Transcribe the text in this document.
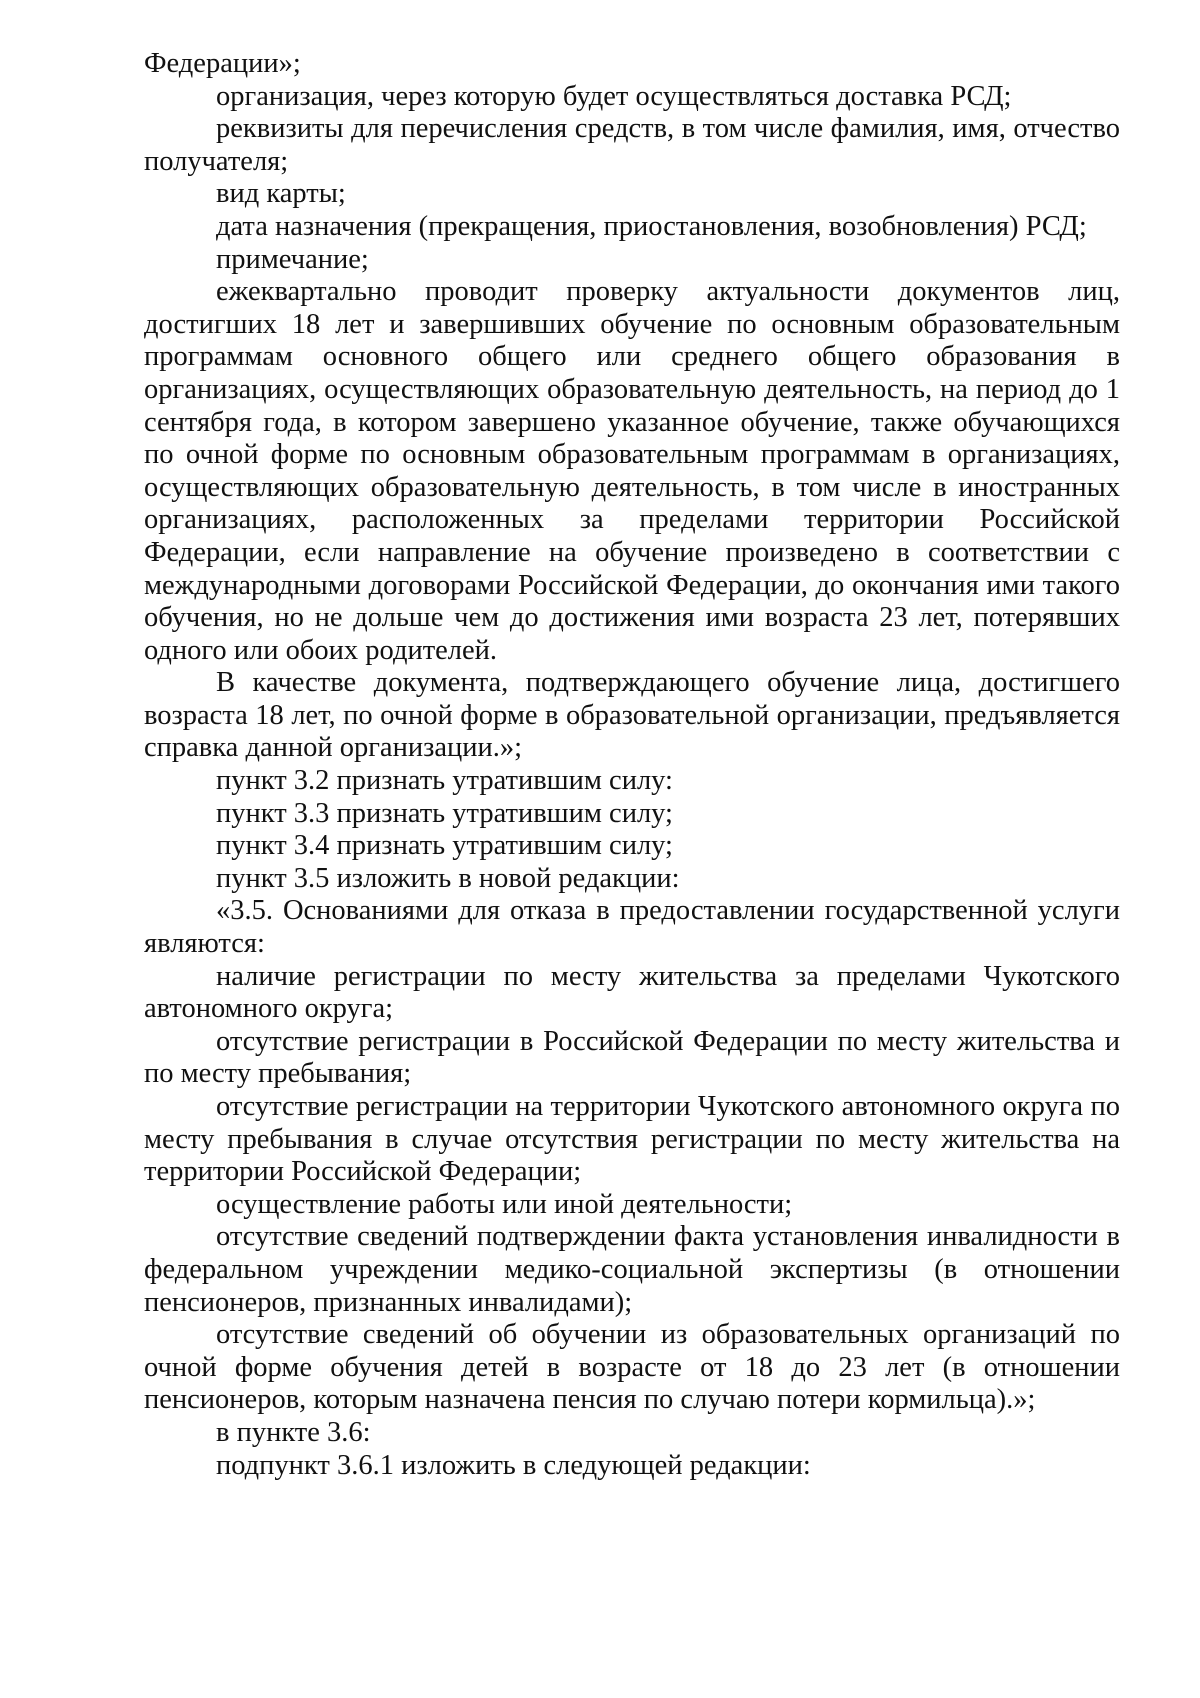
Федерации»;

организация, через которую будет осуществляться доставка РСД;

реквизиты для перечисления средств, в том числе фамилия, имя, отчество получателя;

вид карты;

дата назначения (прекращения, приостановления, возобновления) РСД;

примечание;

ежеквартально проводит проверку актуальности документов лиц, достигших 18 лет и завершивших обучение по основным образовательным программам основного общего или среднего общего образования в организациях, осуществляющих образовательную деятельность, на период до 1 сентября года, в котором завершено указанное обучение, также обучающихся по очной форме по основным образовательным программам в организациях, осуществляющих образовательную деятельность, в том числе в иностранных организациях, расположенных за пределами территории Российской Федерации, если направление на обучение произведено в соответствии с международными договорами Российской Федерации, до окончания ими такого обучения, но не дольше чем до достижения ими возраста 23 лет, потерявших одного или обоих родителей.

В качестве документа, подтверждающего обучение лица, достигшего возраста 18 лет, по очной форме в образовательной организации, предъявляется справка данной организации.»;

пункт 3.2 признать утратившим силу:

пункт 3.3 признать утратившим силу;

пункт 3.4 признать утратившим силу;

пункт 3.5 изложить в новой редакции:

«3.5. Основаниями для отказа в предоставлении государственной услуги являются:

наличие регистрации по месту жительства за пределами Чукотского автономного округа;

отсутствие регистрации в Российской Федерации по месту жительства и по месту пребывания;

отсутствие регистрации на территории Чукотского автономного округа по месту пребывания в случае отсутствия регистрации по месту жительства на территории Российской Федерации;

осуществление работы или иной деятельности;

отсутствие сведений подтверждении факта установления инвалидности в федеральном учреждении медико-социальной экспертизы (в отношении пенсионеров, признанных инвалидами);

отсутствие сведений об обучении из образовательных организаций по очной форме обучения детей в возрасте от 18 до 23 лет (в отношении пенсионеров, которым назначена пенсия по случаю потери кормильца).»;

в пункте 3.6:

подпункт 3.6.1 изложить в следующей редакции:
